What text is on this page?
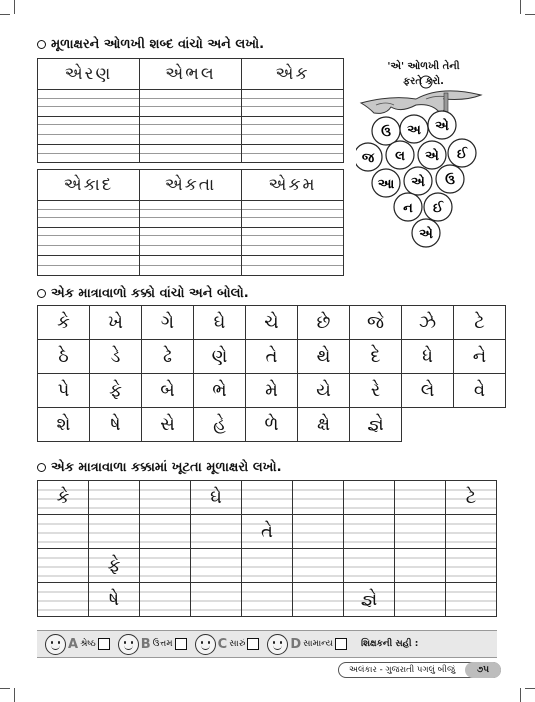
મૂળાક્ષરને ઓળખી શબ્દ વાંચો અને લખો.
એરણ	એભલ	એક
એકાદ	એકતા	એકમ
'એ' ઓળખી તેની
ફરતે કરો.
ઉ અ એ
જ લ એ ઈ
આ એ ઉ
ન ઈ
એ
એક માત્રાવાળો કક્કો વાંચો અને બોલો.
કે	ખે	ગે	ઘે	ચે	છે	જે	ઝે	ટે
ઠે	ડે	ઢે	ણે	તે	થે	દે	ધે	ને
પે	ફે	બે	ભે	મે	યે	રે	લે	વે
શે	ષે	સે	હે	ળે	ક્ષે	જ્ઞે		
એક માત્રાવાળા કક્કામાં ખૂટતા મૂળાક્ષરો લખો.
કે			ઘે					ટે
				તે				
	ફે							
	ષે					જ્ઞે		
A શ્રેષ્ઠ	B ઉત્તમ	C સારું	D સામાન્ય	શિક્ષકની સહી :
અલંકાર - ગુજરાતી પગલું બીજું	૭૫
